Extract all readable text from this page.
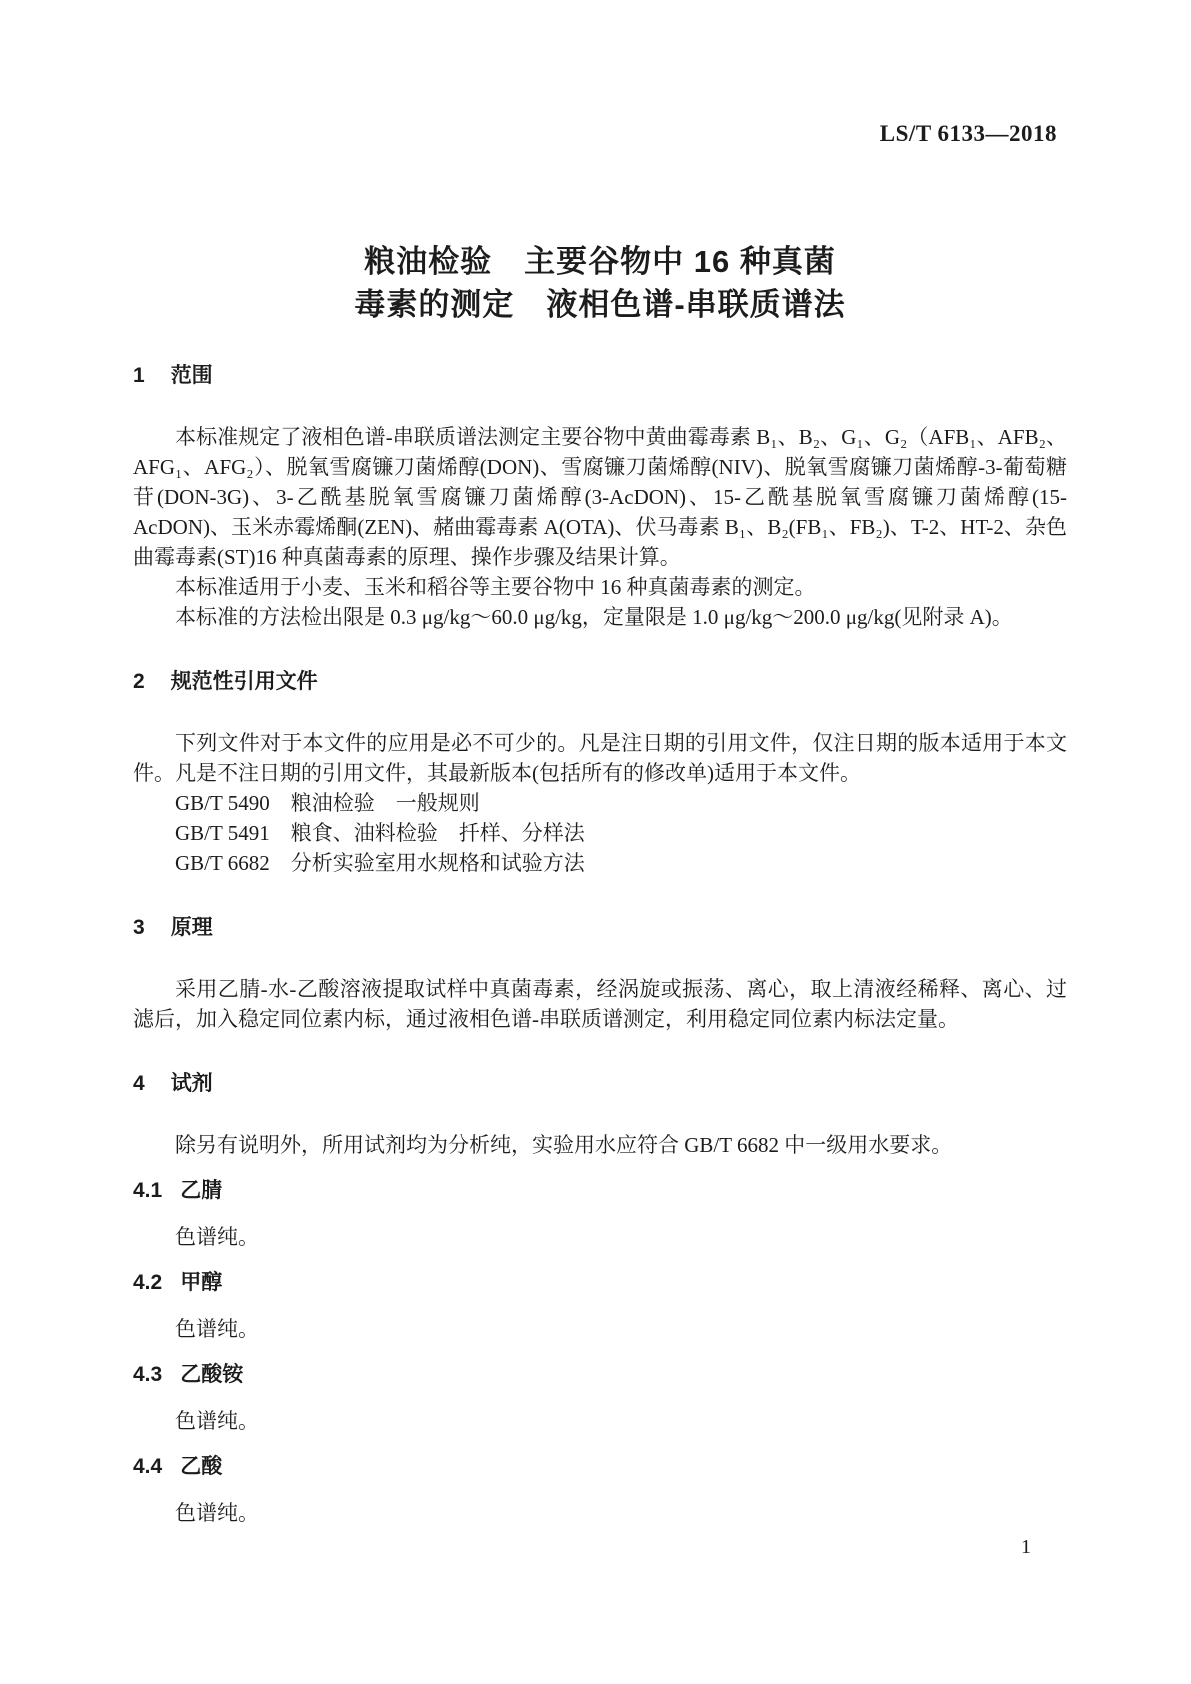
LS/T 6133—2018
粮油检验　主要谷物中 16 种真菌
毒素的测定　液相色谱-串联质谱法
1 范围

本标准规定了液相色谱-串联质谱法测定主要谷物中黄曲霉毒素 B₁、B₂、G₁、G₂（AFB₁、AFB₂、AFG₁、AFG₂）、脱氧雪腐镰刀菌烯醇(DON)、雪腐镰刀菌烯醇(NIV)、脱氧雪腐镰刀菌烯醇-3-葡萄糖苷(DON-3G)、3-乙酰基脱氧雪腐镰刀菌烯醇(3-AcDON)、15-乙酰基脱氧雪腐镰刀菌烯醇(15-AcDON)、玉米赤霉烯酮(ZEN)、赭曲霉毒素 A(OTA)、伏马毒素 B₁、B₂(FB₁、FB₂)、T-2、HT-2、杂色曲霉毒素(ST)16 种真菌毒素的原理、操作步骤及结果计算。

本标准适用于小麦、玉米和稻谷等主要谷物中 16 种真菌毒素的测定。

本标准的方法检出限是 0.3 μg/kg～60.0 μg/kg，定量限是 1.0 μg/kg～200.0 μg/kg(见附录 A)。

2 规范性引用文件

下列文件对于本文件的应用是必不可少的。凡是注日期的引用文件，仅注日期的版本适用于本文件。凡是不注日期的引用文件，其最新版本(包括所有的修改单)适用于本文件。

GB/T 5490　粮油检验　一般规则

GB/T 5491　粮食、油料检验　扦样、分样法

GB/T 6682　分析实验室用水规格和试验方法

3 原理

采用乙腈-水-乙酸溶液提取试样中真菌毒素，经涡旋或振荡、离心，取上清液经稀释、离心、过滤后，加入稳定同位素内标，通过液相色谱-串联质谱测定，利用稳定同位素内标法定量。

4 试剂

除另有说明外，所用试剂均为分析纯，实验用水应符合 GB/T 6682 中一级用水要求。

4.1 乙腈

色谱纯。

4.2 甲醇

色谱纯。

4.3 乙酸铵

色谱纯。

4.4 乙酸

色谱纯。

1
